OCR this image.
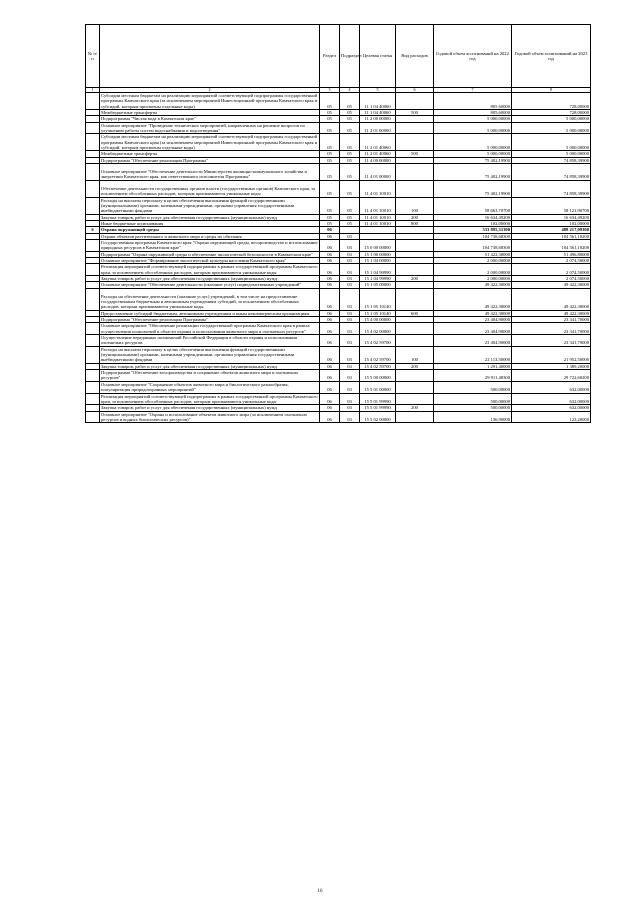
№ п/п		Раздел	Подраздел	Целевая статья	Вид расходов	Годовой объем ассигнований на 2022 год	Годовой объем ассигнований на 2023 год
1	2	3	4	5	6	7	8
	Субсидии местным бюджетам на реализацию мероприятий соответствующей подпрограммы государственной программы Камчатского края (за исключением мероприятий Инвестиционной программы Камчатского края и субсидий, которым присвоены отдельные коды)	05	05	11 1 04 40060		805 60000	728,00000
	Межбюджетные трансферты	05	05	11 1 04 40060	500	805,60000	728,00000
	Подпрограмма "Чистая вода в Камчатском крае"	05	05	11 2 00 00000		5 000,00000	5 000,00000
	Основное мероприятие "Проведение технических мероприятий, направленных на решение вопросов по улучшению работы систем водоснабжения и водоотведения"	05	05	11 2 01 00000		5 000,00000	5 000,00000
	Субсидии местным бюджетам на реализацию мероприятий соответствующей подпрограммы государственной программы Камчатского края (за исключением мероприятий Инвестиционной программы Камчатского края и субсидий, которым присвоены отдельные коды)	05	05	11 2 01 40060		5 000,00000	5 000,00000
	Межбюджетные трансферты	05	05	11 2 01 40060	500	5 000,00000	5 000,00000
	Подпрограмма "Обеспечение реализации Программы"	05	05	11 4 00 00000		75 402,19900	74 858,39900
	Основное мероприятие "Обеспечение деятельности Министерства жилищно-коммунального хозяйства и энергетики Камчатского края, как ответственного исполнителя Программы"	05	05	11 4 01 00000		75 402,19900	74 858,39900
	Обеспечение деятельности государственных органов власти (государственных органов) Камчатского края, за исключением обособленных расходов, которым присваиваются уникальные коды	05	05	11 4 01 10010		75 402,19900	74 858,39900
	Расходы на выплаты персоналу в целях обеспечения выполнения функций государственными (муниципальными) органами, казенными учреждениями, органами управления государственными внебюджетными фондами	05	05	11 4 01 10010	100	58 663,70700	58 121,90700
	Закупка товаров, работ и услуг для обеспечения государственных (муниципальных) нужд	05	05	11 4 01 10010	200	16 634,49200	16 634,49200
	Иные бюджетные ассигнования	05	05	11 4 01 10010	800	102,00000	102,00000
6	Охрана окружающей среды	06				533 895,31300	488 217,09300
	Охрана объектов растительного и животного мира и среды их обитания	06	03			104 738,68300	104 561,10200
	Государственная программа Камчатского края "Охрана окружающей среды, воспроизводство и использование природных ресурсов в Камчатском крае"	06	03	15 0 00 00000		104 738,68300	104 561,10200
	Подпрограмма "Охрана окружающей среды и обеспечение экологической безопасности в Камчатском крае"	06	03	15 1 00 00000		51 422,30000	51 496,80000
	Основное мероприятие "Формирование экологической культуры населения Камчатского края"	06	03	15 1 04 00000		2 000,00000	2 074,50000
	Реализация мероприятий соответствующей подпрограммы в рамках государственной программы Камчатского края, за исключением обособленных расходов, которым присваиваются уникальные коды	06	03	15 1 04 99990		2 000,00000	2 074,50000
	Закупка товаров, работ и услуг для обеспечения государственных (муниципальных) нужд	06	03	15 1 04 99990	200	2 000,00000	2 074,50000
	Основное мероприятие "Обеспечение деятельности (оказание услуг) подведомственных учреждений"	06	03	15 1 05 00000		49 422,30000	49 422,30000
	Расходы на обеспечение деятельности (оказание услуг) учреждений, в том числе на предоставление государственным бюджетным и автономным учреждениям субсидий, за исключением обособленных расходов, которым присваиваются уникальные коды	06	03	15 1 05 10140		49 422,30000	49 422,30000
	Предоставление субсидий бюджетным, автономным учреждениям и иным некоммерческим организациям	06	03	15 1 05 10140	600	49 422,30000	49 422,30000
	Подпрограмма "Обеспечение реализации Программы"	06	03	15 4 00 00000		23 404,90000	23 341,70000
	Основное мероприятие "Обеспечение реализации государственной программы Камчатского края в рамках осуществления полномочий в области охраны и использования животного мира и охотничьих ресурсов"	06	03	15 4 02 00000		23 404,90000	23 341,70000
	Осуществление переданных полномочий Российской Федерации в области охраны и использования охотничьих ресурсов	06	03	15 4 02 59700		23 404,90000	23 341,70000
	Расходы на выплаты персоналу в целях обеспечения выполнения функций государственными (муниципальными) органами, казенными учреждениями, органами управления государственными внебюджетными фондами	06	03	15 4 02 59700	100	22 113,50000	21 952,50000
	Закупка товаров, работ и услуг для обеспечения государственных (муниципальных) нужд	06	03	15 4 02 59700	200	1 291,40000	1 389,20000
	Подпрограмма "Обеспечение воспроизводства и сохранение объектов животного мира и охотничьих ресурсов"	06	03	15 5 00 00000		29 911,48300	29 722,60200
	Основное мероприятие "Сохранение объектов животного мира и биологического разнообразия, популяризация природоохранных мероприятий"	06	03	15 5 01 00000		500,00000	632,00000
	Реализация мероприятий соответствующей подпрограммы в рамках государственной программы Камчатского края, за исключением обособленных расходов, которым присваиваются уникальные коды	06	03	15 5 01 99990		500,00000	632,00000
	Закупка товаров, работ и услуг для обеспечения государственных (муниципальных) нужд	06	03	15 5 01 99990	200	500,00000	632,00000
	Основное мероприятие "Охрана и использование объектов животного мира (за исключением охотничьих ресурсов и водных биологических ресурсов)"	06	03	15 5 02 00000		136,90000	123,20000
16
